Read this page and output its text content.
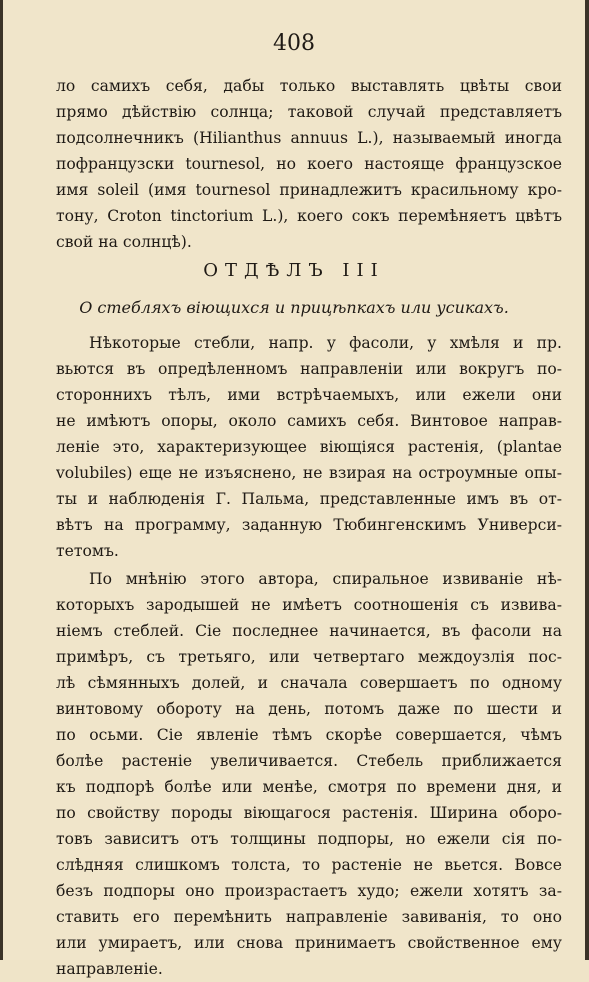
408
ло самихъ себя, дабы только выставлять цвѣты свои
прямо дѣйствію солнца; таковой случай представляетъ
подсолнечникъ (Hilianthus annuus L.), называемый иногда
пофранцузски tournesol, но коего настояще французское
имя soleil (имя tournesol принадлежитъ красильному кро-
тону, Croton tinctorium L.), коего сокъ перемѣняетъ цвѣтъ
свой на солнцѣ).
ОТДѢЛЪ III
О стебляхъ віющихся и прицѣпкахъ или усикахъ.
Нѣкоторые стебли, напр. у фасоли, у хмѣля и пр.
вьются въ опредѣленномъ направленіи или вокругъ по-
стороннихъ тѣлъ, ими встрѣчаемыхъ, или ежели они
не имѣютъ опоры, около самихъ себя. Винтовое направ-
леніе это, характеризующее віющіяся растенія, (plantae
volubiles) еще не изъяснено, не взирая на остроумные опы-
ты и наблюденія Г. Пальма, представленные имъ въ от-
вѣтъ на программу, заданную Тюбингенскимъ Универси-
тетомъ.
По мнѣнію этого автора, спиральное извиваніе нѣ-
которыхъ зародышей не имѣетъ соотношенія съ извива-
ніемъ стеблей. Сіе последнее начинается, въ фасоли на
примѣръ, съ третьяго, или четвертаго междоузлія пос-
лѣ сѣмянныхъ долей, и сначала совершаетъ по одному
винтовому обороту на день, потомъ даже по шести и
по осьми. Сіе явленіе тѣмъ скорѣе совершается, чѣмъ
болѣе растеніе увеличивается. Стебель приближается
къ подпорѣ болѣе или менѣе, смотря по времени дня, и
по свойству породы віющагося растенія. Ширина оборо-
товъ зависитъ отъ толщины подпоры, но ежели сія по-
слѣдняя слишкомъ толста, то растеніе не вьется. Вовсе
безъ подпоры оно произрастаетъ худо; ежели хотятъ за-
ставить его перемѣнить направленіе завиванія, то оно
или умираетъ, или снова принимаетъ свойственное ему
направленіе.
